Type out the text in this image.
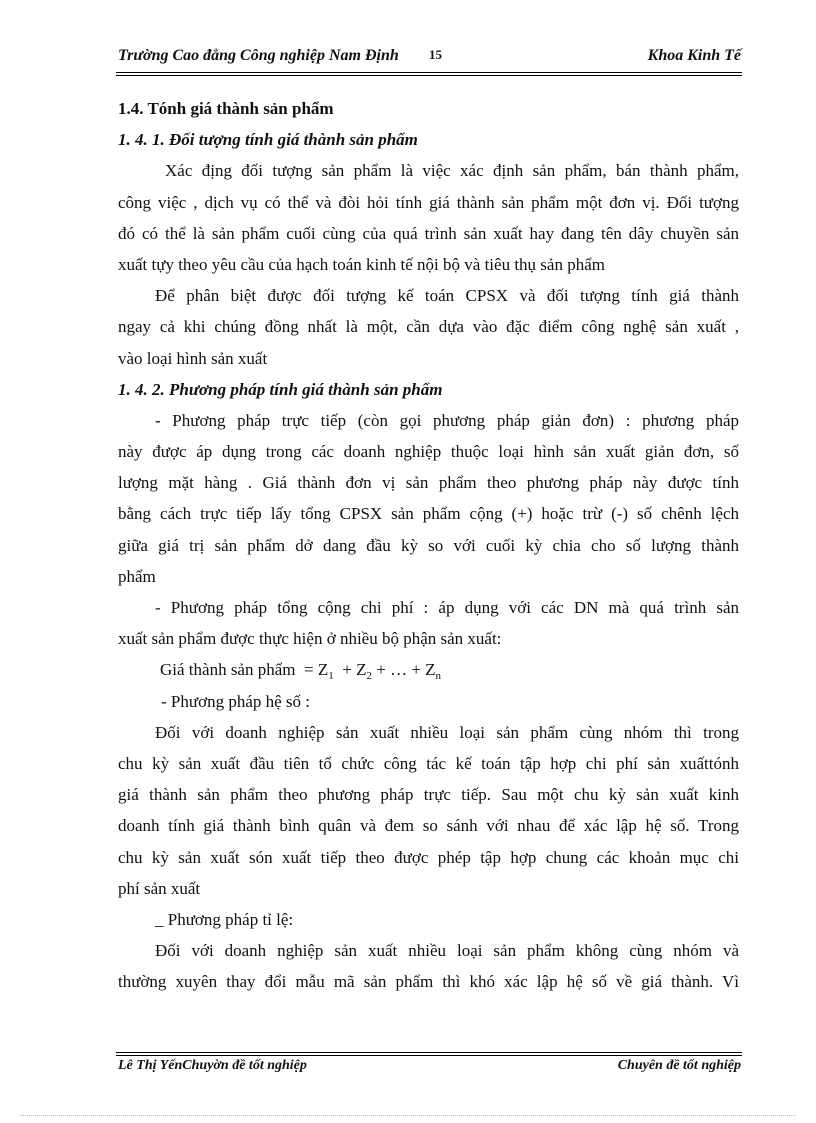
Trường Cao đẳng Công nghiệp Nam Định 15	Khoa Kinh Tế
1.4. Tónh giá thành sản phẩm
1. 4. 1. Đối tượng tính giá thành sản phẩm
Xác địng đối tượng sản phẩm là việc xác định sản phẩm, bán thành phẩm,
công việc , dịch vụ có thể và đòi hỏi tính giá thành sản phẩm một đơn vị. Đối tượng
đó có thể là sản phẩm cuối cùng của quá trình sản xuất hay đang tên dây chuyền sản
xuất tựy theo yêu cầu của hạch toán kinh tế nội bộ và tiêu thụ sản phẩm
Để phân biệt được đối tượng kế toán CPSX và đối tượng tính giá thành
ngay cả khi chúng đồng nhất là một, cần dựa vào đặc điểm công nghệ sản xuất ,
vào loại hình sản xuất
1. 4. 2. Phương pháp tính giá thành sản phẩm
- Phương pháp trực tiếp (còn gọi phương pháp giản đơn) : phương pháp
này được áp dụng trong các doanh nghiệp thuộc loại hình sản xuất giản đơn, số
lượng mặt hàng . Giá thành đơn vị sản phẩm theo phương pháp này được tính
bằng cách trực tiếp lấy tổng CPSX sản phẩm cộng (+) hoặc trừ (-) số chênh lệch
giữa giá trị sản phẩm dở dang đầu kỳ so với cuối kỳ chia cho số lượng thành
phẩm
- Phương pháp tổng cộng chi phí : áp dụng với các DN mà quá trình sản
xuất sản phẩm được thực hiện ở nhiều bộ phận sản xuất:
Giá thành sản phẩm = $Z_1 + Z_2$ + … + $Z_n$
- Phương pháp hệ số :
Đối với doanh nghiệp sản xuất nhiều loại sản phẩm cùng nhóm thì trong
chu kỳ sản xuất đầu tiên tổ chức công tác kế toán tập hợp chi phí sản xuấttónh
giá thành sản phẩm theo phương pháp trực tiếp. Sau một chu kỳ sản xuất kinh
doanh tính giá thành bình quân và đem so sánh với nhau để xác lập hệ số. Trong
chu kỳ sản xuất són xuất tiếp theo được phép tập hợp chung các khoản mục chi
phí sản xuất
_ Phương pháp tỉ lệ:
Đối với doanh nghiệp sản xuất nhiều loại sản phẩm không cùng nhóm và
thường xuyên thay đổi mẫu mã sản phẩm thì khó xác lập hệ số về giá thành. Vì
Lê Thị YếnChuyờn đề tốt nghiệp	Chuyên đề tốt nghiệp
